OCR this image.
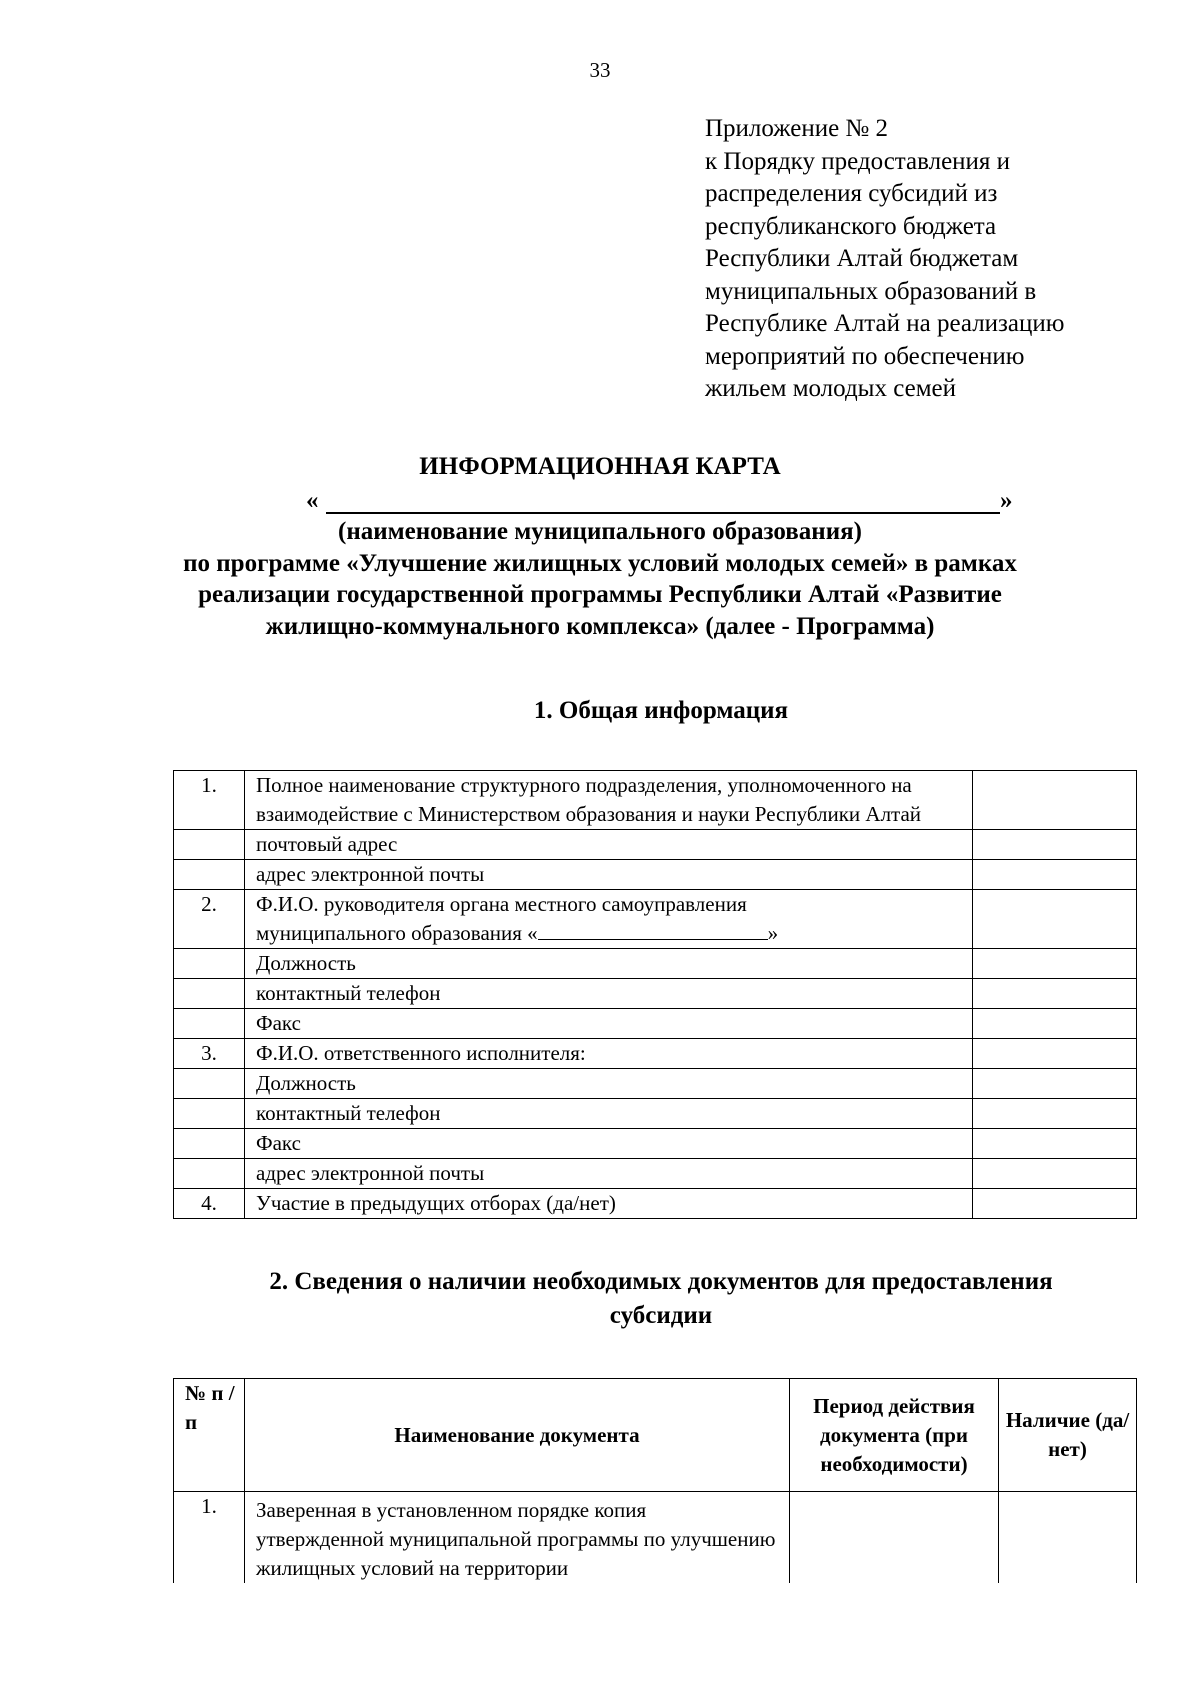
33
Приложение № 2
к Порядку предоставления и
распределения субсидий из
республиканского бюджета
Республики Алтай бюджетам
муниципальных образований в
Республике Алтай на реализацию
мероприятий по обеспечению
жильем молодых семей
ИНФОРМАЦИОННАЯ КАРТА
«	»
(наименование муниципального образования)
по программе «Улучшение жилищных условий молодых семей» в рамках
реализации государственной программы Республики Алтай «Развитие
жилищно-коммунального комплекса» (далее - Программа)
1. Общая информация
1.	Полное наименование структурного подразделения, уполномоченного на взаимодействие с Министерством образования и науки Республики Алтай	
	почтовый адрес	
	адрес электронной почты	
2.	Ф.И.О. руководителя органа местного самоуправления
муниципального образования « »	
	Должность	
	контактный телефон	
	Факс	
3.	Ф.И.О. ответственного исполнителя:	
	Должность	
	контактный телефон	
	Факс	
	адрес электронной почты	
4.	Участие в предыдущих отборах (да/нет)	
2. Сведения о наличии необходимых документов для предоставления
субсидии
№ п /п	Наименование документа	Период действия документа (при необходимости)	Наличие (да/нет)
1.	Заверенная в установленном порядке копия утвержденной муниципальной программы по улучшению жилищных условий на территории		
